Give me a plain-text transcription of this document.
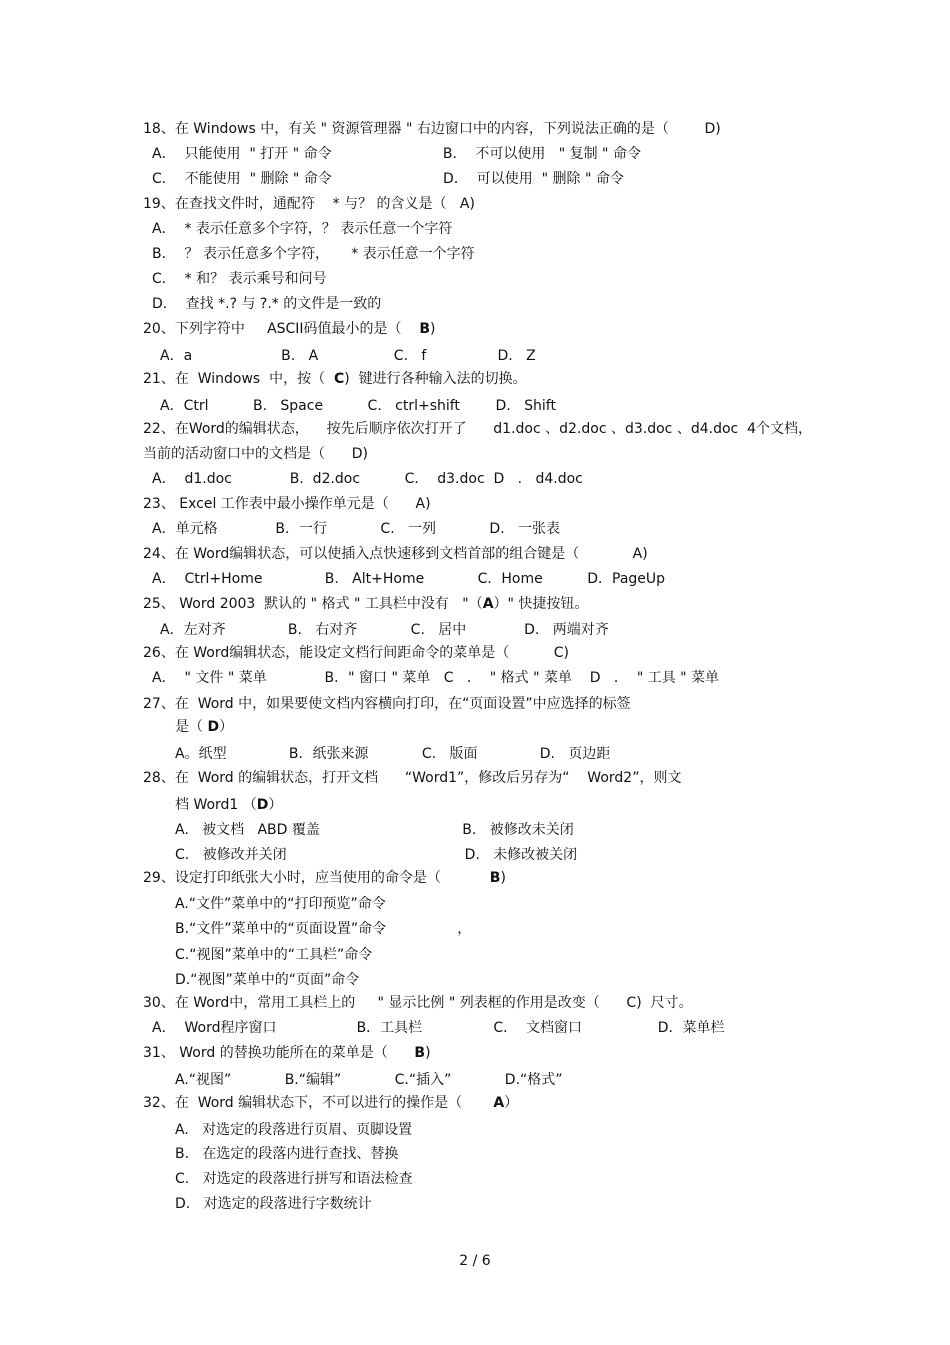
18、在 Windows 中，有关 " 资源管理器 " 右边窗口中的内容，下列说法正确的是（        D)
A．  只能使用  " 打开 " 命令                         B．  不可以使用   " 复制 " 命令
C．  不能使用  " 删除 " 命令                         D．  可以使用  " 删除 " 命令
19、在查找文件时，通配符    * 与？ 的含义是（   A)
A．  * 表示任意多个字符，？ 表示任意一个字符
B．  ？ 表示任意多个字符，     * 表示任意一个字符
C．  * 和？ 表示乘号和问号
D．  查找 *.? 与 ?.* 的文件是一致的
20、下列字符中     ASCII码值最小的是（    B)
A．a                    B.   A                 C.   f                D.   Z
21、在  Windows  中，按（  C)  键进行各种输入法的切换。
A．Ctrl          B.   Space          C.   ctrl+shift        D.   Shift
22、在Word的编辑状态，    按先后顺序依次打开了      d1.doc 、d2.doc 、d3.doc 、d4.doc  4个文档，
当前的活动窗口中的文档是（      D)
A．  d1.doc             B.  d2.doc          C．  d3.doc  D   .   d4.doc
23、 Excel 工作表中最小操作单元是（      A)
A．单元格             B．一行            C.   一列            D.   一张表
24、在 Word编辑状态，可以使插入点快速移到文档首部的组合键是（            A)
A．  Ctrl+Home              B.   Alt+Home            C．Home          D．PageUp
25、 Word 2003  默认的 " 格式 " 工具栏中没有   "（A）" 快捷按钮。
A．左对齐              B.   右对齐            C.   居中             D.   两端对齐
26、在 Word编辑状态，能设定文档行间距命令的菜单是（          C)
A．  " 文件 " 菜单             B．" 窗口 " 菜单   C   ．  " 格式 " 菜单    D   ．  " 工具 " 菜单
27、在  Word 中，如果要使文档内容横向打印，在“页面设置”中应选择的标签
是（ D）
A。纸型              B．纸张来源            C.   版面              D.   页边距
28、在  Word 的编辑状态，打开文档      “Word1”，修改后另存为“    Word2”，则文
档 Word1 （D）
A.   被文档   ABD 覆盖                                B.   被修改未关闭
C.   被修改并关闭                                        D.   未修改被关闭
29、设定打印纸张大小时，应当使用的命令是（           B)
A.“文件”菜单中的“打印预览”命令
B.“文件”菜单中的“页面设置”命令                ，
C.“视图”菜单中的“工具栏”命令
D.“视图”菜单中的“页面”命令
30、在 Word中，常用工具栏上的     " 显示比例 " 列表框的作用是改变（      C)  尺寸。
A．  Word程序窗口                  B．工具栏                C．  文档窗口                 D．菜单栏
31、 Word 的替换功能所在的菜单是（      B)
A.“视图”            B.“编辑”            C.“插入”            D.“格式”
32、在  Word 编辑状态下，不可以进行的操作是（       A）
A.   对选定的段落进行页眉、页脚设置
B.   在选定的段落内进行查找、替换
C.   对选定的段落进行拼写和语法检查
D.   对选定的段落进行字数统计
2 / 6
